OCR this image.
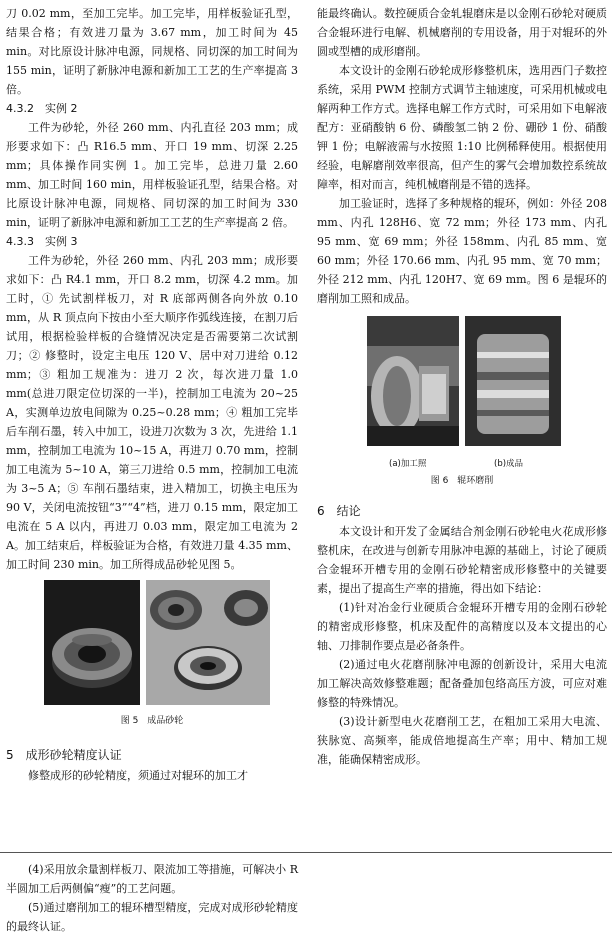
刀 0.02 mm，至加工完毕。加工完毕，用样板验证孔型，结果合格；有效进刀量为 3.67 mm，加工时间为 45 min。对比原设计脉冲电源，同规格、同切深的加工时间为 155 min，证明了新脉冲电源和新加工工艺的生产率提高 3 倍。

4.3.2　实例 2

工件为砂轮，外径 260 mm、内孔直径 203 mm；成形要求如下：凸 R16.5 mm、开口 19 mm、切深 2.25 mm；具体操作同实例 1。加工完毕，总进刀量 2.60 mm、加工时间 160 min，用样板验证孔型，结果合格。对比原设计脉冲电源，同规格、同切深的加工时间为 330 min，证明了新脉冲电源和新加工工艺的生产率提高 2 倍。

4.3.3　实例 3

工件为砂轮，外径 260 mm、内孔 203 mm；成形要求如下：凸 R4.1 mm，开口 8.2 mm，切深 4.2 mm。加工时，① 先试割样板刀，对 R 底部两侧各向外放 0.10 mm，从 R 顶点向下按由小至大顺序作弧线连接，在割刀后试用，根据检验样板的合缝情况决定是否需要第二次试割刀；② 修整时，设定主电压 120 V、居中对刀进给 0.12 mm；③ 粗加工规准为：进刀 2 次，每次进刀量 1.0 mm(总进刀限定位切深的一半)，控制加工电流为 20~25 A，实测单边放电间隙为 0.25~0.28 mm；④ 粗加工完毕后车削石墨，转入中加工，设进刀次数为 3 次，先进给 1.1 mm，控制加工电流为 10~15 A，再进刀 0.70 mm，控制加工电流为 5~10 A，第三刀进给 0.5 mm，控制加工电流为 3~5 A；⑤ 车削石墨结束，进入精加工，切换主电压为 90 V，关闭电流按钮“3”“4”档，进刀 0.15 mm，限定加工电流在 5 A 以内，再进刀 0.03 mm，限定加工电流为 2 A。加工结束后，样板验证为合格，有效进刀量 4.35 mm、加工时间 230 min。加工所得成品砂轮见图 5。

图 5　成品砂轮
5　成形砂轮精度认证

修整成形的砂轮精度，须通过对辊环的加工才

能最终确认。数控硬质合金轧辊磨床是以金刚石砂轮对硬质合金辊环进行电解、机械磨削的专用设备，用于对辊环的外圆或型槽的成形磨削。

本文设计的金刚石砂轮成形修整机床，选用西门子数控系统，采用 PWM 控制方式调节主轴速度，可采用机械或电解两种工作方式。选择电解工作方式时，可采用如下电解液配方：亚硝酸钠 6 份、磷酸氢二钠 2 份、硼砂 1 份、硝酸钾 1 份；电解液需与水按照 1:10 比例稀释使用。根据使用经验，电解磨削效率很高，但产生的雾气会增加数控系统故障率，相对而言，纯机械磨削是不错的选择。

加工验证时，选择了多种规格的辊环，例如：外径 208 mm、内孔 128H6、宽 72 mm；外径 173 mm、内孔 95 mm、宽 69 mm；外径 158mm、内孔 85 mm、宽 60 mm；外径 170.66 mm、内孔 95 mm、宽 70 mm；外径 212 mm、内孔 120H7、宽 69 mm。图 6 是辊环的磨削加工照和成品。

(a)加工照	(b)成品
图 6　辊环磨削
6　结论

本文设计和开发了金属结合剂金刚石砂轮电火花成形修整机床，在改进与创新专用脉冲电源的基础上，讨论了硬质合金辊环开槽专用的金刚石砂轮精密成形修整中的关键要素，提出了提高生产率的措施，得出如下结论：

(1)针对冶金行业硬质合金辊环开槽专用的金刚石砂轮的精密成形修整，机床及配件的高精度以及本文提出的心轴、刀排制作要点是必备条件。

(2)通过电火花磨削脉冲电源的创新设计，采用大电流加工解决高效修整难题；配备叠加包络高压方波，可应对难修整的特殊情况。

(3)设计新型电火花磨削工艺，在粗加工采用大电流、狭脉宽、高频率，能成倍地提高生产率；用中、精加工规准，能确保精密成形。

(4)采用放余量割样板刀、限流加工等措施，可解决小 R 半圆加工后两侧偏“瘦”的工艺问题。

(5)通过磨削加工的辊环槽型精度，完成对成形砂轮精度的最终认证。
